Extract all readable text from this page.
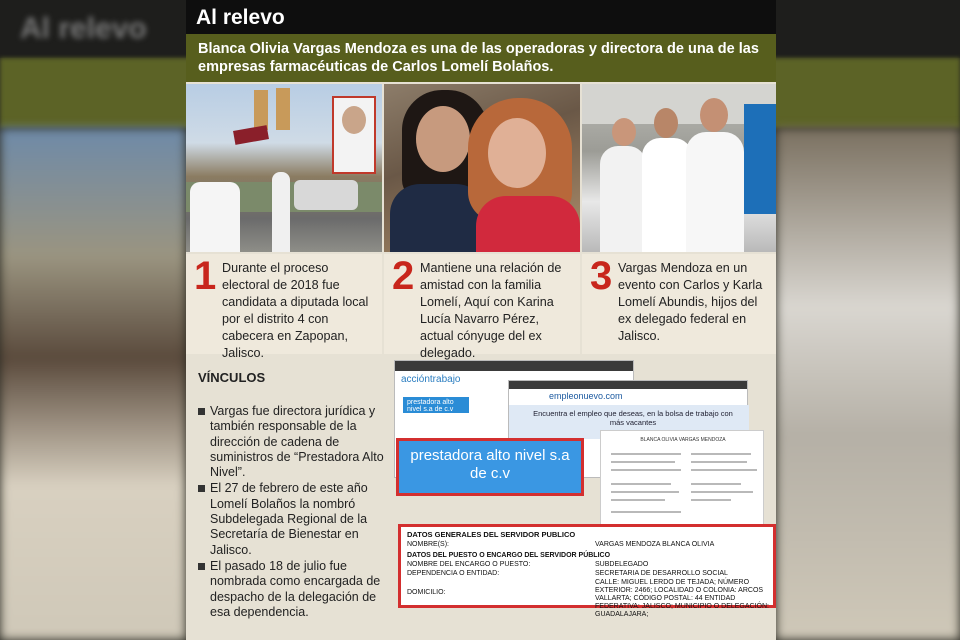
Al relevo Al relevo
Blanca Olivia Vargas Mendoza es una de las operadoras y directora de una de las empresas farmacéuticas de Carlos Lomelí Bolaños.
1 Durante el proceso electoral de 2018 fue candidata a diputada local por el distrito 4 con cabecera en Zapopan, Jalisco.
2 Mantiene una relación de amistad con la familia Lomelí, Aquí con Karina Lucía Navarro Pérez, actual cónyuge del ex delegado.
3 Vargas Mendoza en un evento con Carlos y Karla Lomelí Abundis, hijos del ex delegado federal en Jalisco.
VÍNCULOS
Vargas fue directora jurídica y también responsable de la dirección de cadena de suministros de “Prestadora Alto Nivel”.
El 27 de febrero de este año Lomelí Bolaños la nombró Subdelegada Regional de la Secretaría de Bienestar en Jalisco.
El pasado 18 de julio fue nombrada como encargada de despacho de la delegación de esa dependencia.
accióntrabajo
prestadora alto nivel s.a de c.v
empleonuevo.com
Encuentra el empleo que deseas, en la bolsa de trabajo con más vacantes
BLANCA OLIVIA VARGAS MENDOZA
prestadora alto nivel s.a de c.v
DATOS GENERALES DEL SERVIDOR PUBLICO
NOMBRE(S):	VARGAS MENDOZA BLANCA OLIVIA
DATOS DEL PUESTO O ENCARGO DEL SERVIDOR PÚBLICO
NOMBRE DEL ENCARGO O PUESTO:	SUBDELEGADO
DEPENDENCIA O ENTIDAD:	SECRETARIA DE DESARROLLO SOCIAL
DOMICILIO:
CALLE: MIGUEL LERDO DE TEJADA; NÚMERO EXTERIOR: 2466; LOCALIDAD O COLONIA: ARCOS VALLARTA; CÓDIGO POSTAL: 44 ENTIDAD FEDERATIVA: JALISCO; MUNICIPIO O DELEGACIÓN: GUADALAJARA;
